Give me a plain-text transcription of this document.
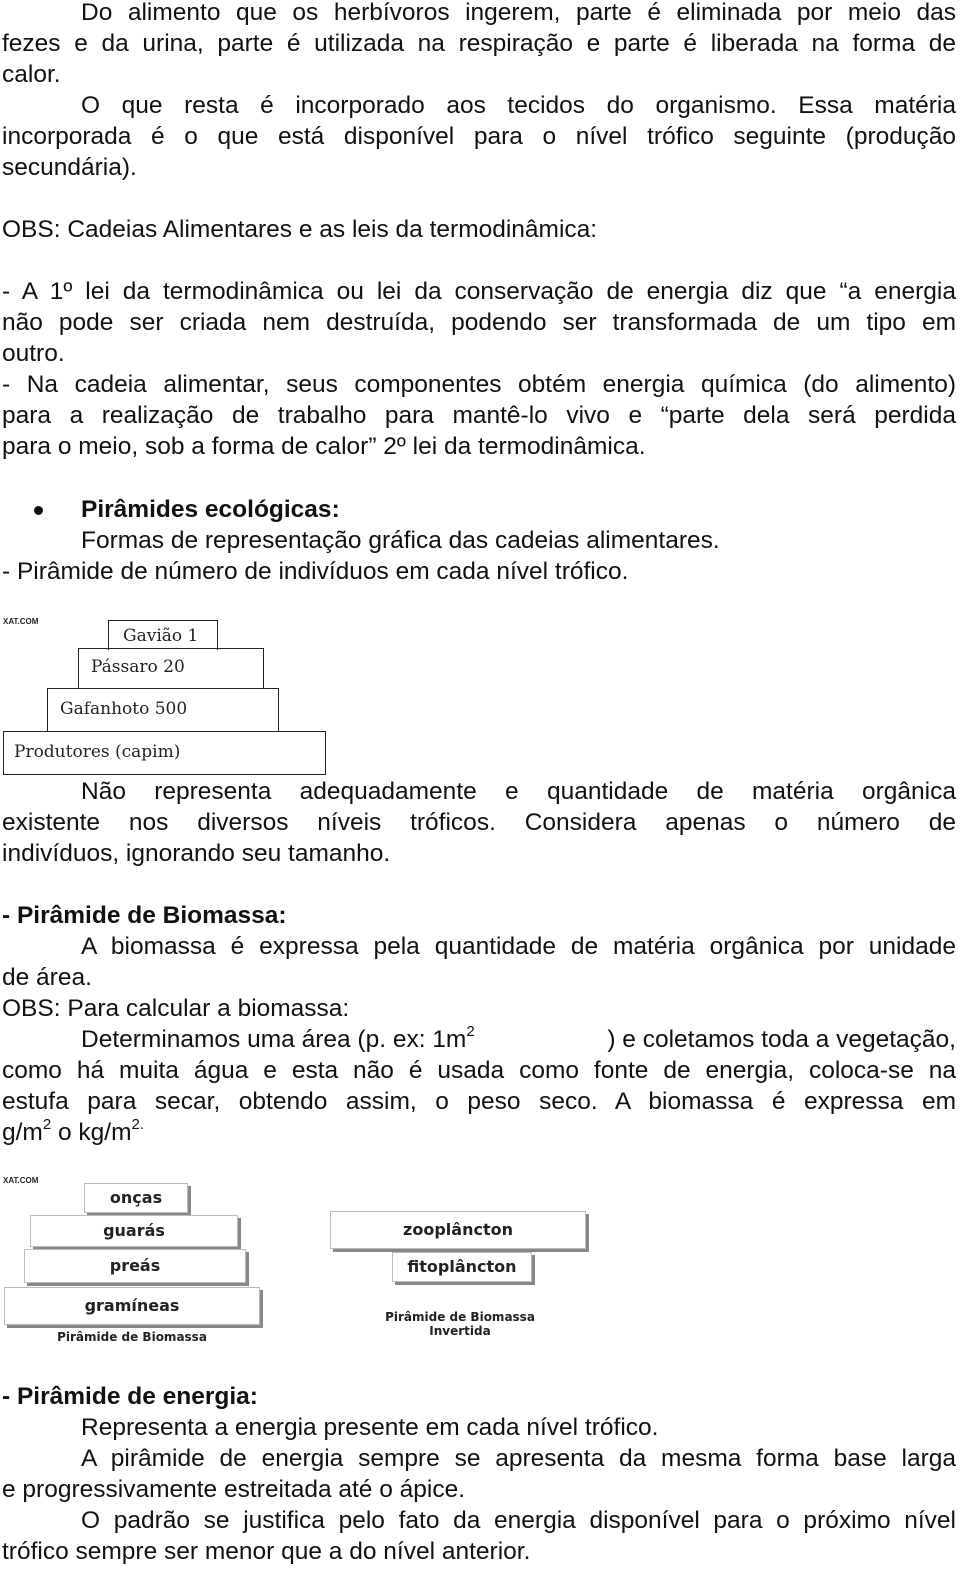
Do alimento que os herbívoros ingerem, parte é eliminada por meio das
fezes e da urina, parte é utilizada na respiração e parte é liberada na forma de
calor.
O que resta é incorporado aos tecidos do organismo. Essa matéria
incorporada é o que está disponível para o nível trófico seguinte (produção
secundária).
OBS: Cadeias Alimentares e as leis da termodinâmica:
- A 1º lei da termodinâmica ou lei da conservação de energia diz que “a energia
não pode ser criada nem destruída, podendo ser transformada de um tipo em
outro.
- Na cadeia alimentar, seus componentes obtém energia química (do alimento)
para a realização de trabalho para mantê-lo vivo e “parte dela será perdida
para o meio, sob a forma de calor” 2º lei da termodinâmica.
Pirâmides ecológicas:
Formas de representação gráfica das cadeias alimentares.
- Pirâmide de número de indivíduos em cada nível trófico.
XAT.COM
Gavião 1
Pássaro 20
Gafanhoto 500
Produtores (capim)
Não representa adequadamente e quantidade de matéria orgânica
existente nos diversos níveis tróficos. Considera apenas o número de
indivíduos, ignorando seu tamanho.
- Pirâmide de Biomassa:
A biomassa é expressa pela quantidade de matéria orgânica por unidade
de área.
OBS: Para calcular a biomassa:
Determinamos uma área (p. ex: $1m^2$	) e coletamos toda a vegetação,
como há muita água e esta não é usada como fonte de energia, coloca-se na
estufa para secar, obtendo assim, o peso seco. A biomassa é expressa em
$g/m^2$ o $kg/m^{2.}$
XAT.COM
onças
guarás
preás
gramíneas
Pirâmide de Biomassa
zooplâncton
fitoplâncton
Pirâmide de Biomassa
Invertida
- Pirâmide de energia:
Representa a energia presente em cada nível trófico.
A pirâmide de energia sempre se apresenta da mesma forma base larga
e progressivamente estreitada até o ápice.
O padrão se justifica pelo fato da energia disponível para o próximo nível
trófico sempre ser menor que a do nível anterior.
